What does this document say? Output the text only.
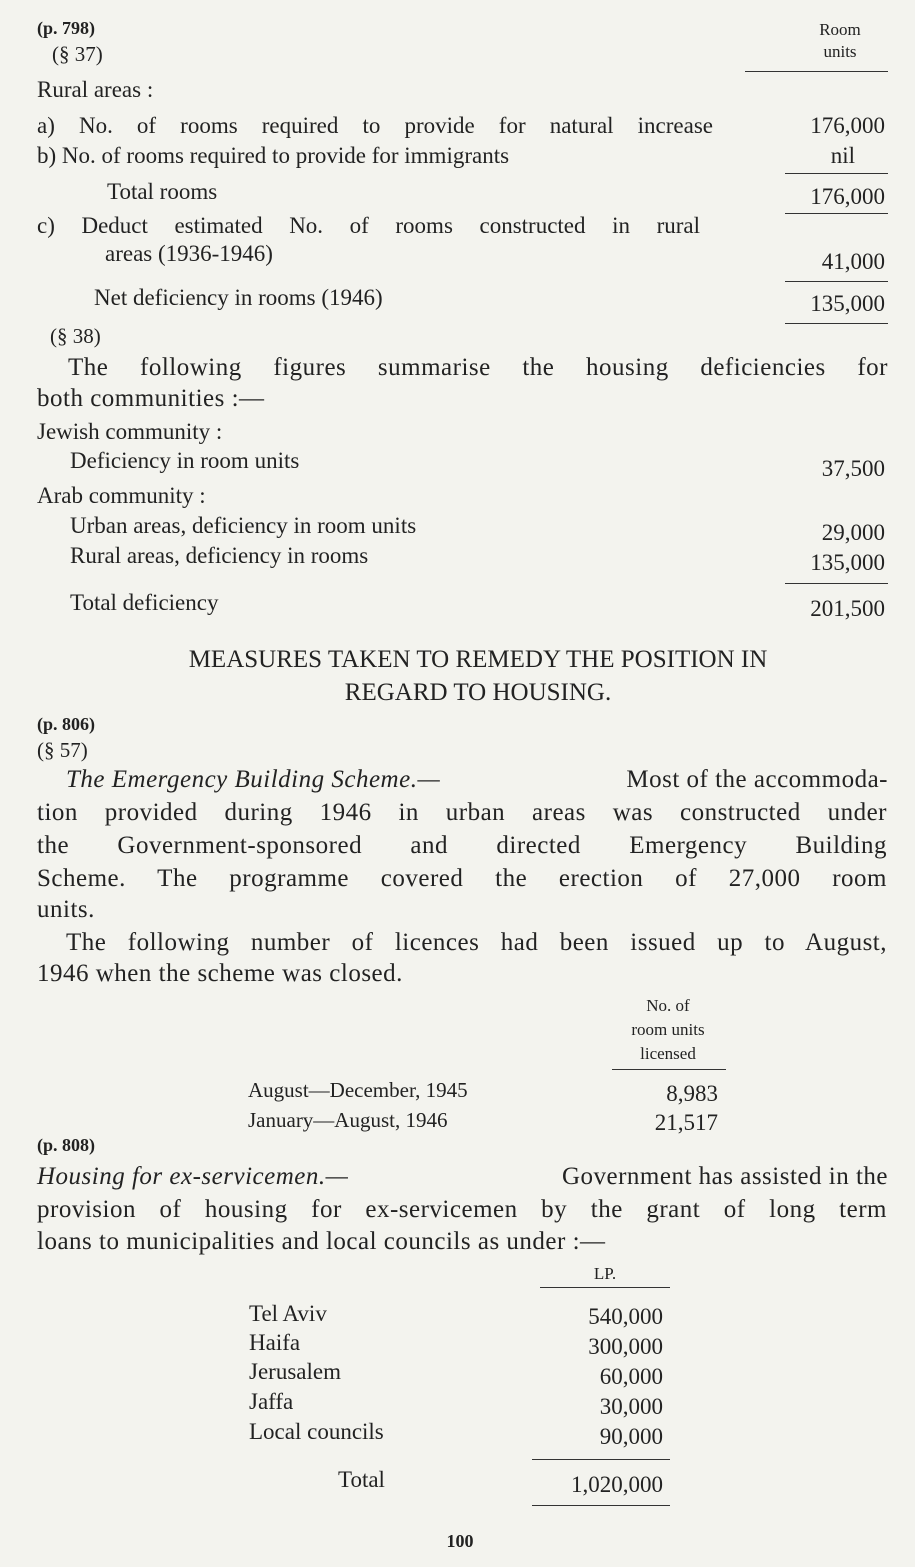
(p. 798)
(§ 37)
Room
units
Rural areas :
a) No. of rooms required to provide for natural increase	176,000
b) No. of rooms required to provide for immigrants	nil
Total rooms	176,000
c) Deduct estimated No. of rooms constructed in rural
areas (1936-1946)	41,000
Net deficiency in rooms (1946)	135,000
(§ 38)
The following figures summarise the housing deficiencies for
both communities :—
Jewish community :
Deficiency in room units	37,500
Arab community :
Urban areas, deficiency in room units	29,000
Rural areas, deficiency in rooms	135,000
Total deficiency	201,500
MEASURES TAKEN TO REMEDY THE POSITION IN
REGARD TO HOUSING.
(p. 806)
(§ 57)
The Emergency Building Scheme.—	Most of the accommoda-
tion provided during 1946 in urban areas was constructed under
the Government-sponsored and directed Emergency Building
Scheme. The programme covered the erection of 27,000 room
units.
The following number of licences had been issued up to August,
1946 when the scheme was closed.
No. of
room units
licensed
August—December, 1945	8,983
January—August, 1946	21,517
(p. 808)
Housing for ex-servicemen.—	Government has assisted in the
provision of housing for ex-servicemen by the grant of long term
loans to municipalities and local councils as under :—
LP.
Tel Aviv	540,000
Haifa	300,000
Jerusalem	60,000
Jaffa	30,000
Local councils	90,000
Total	1,020,000
100
